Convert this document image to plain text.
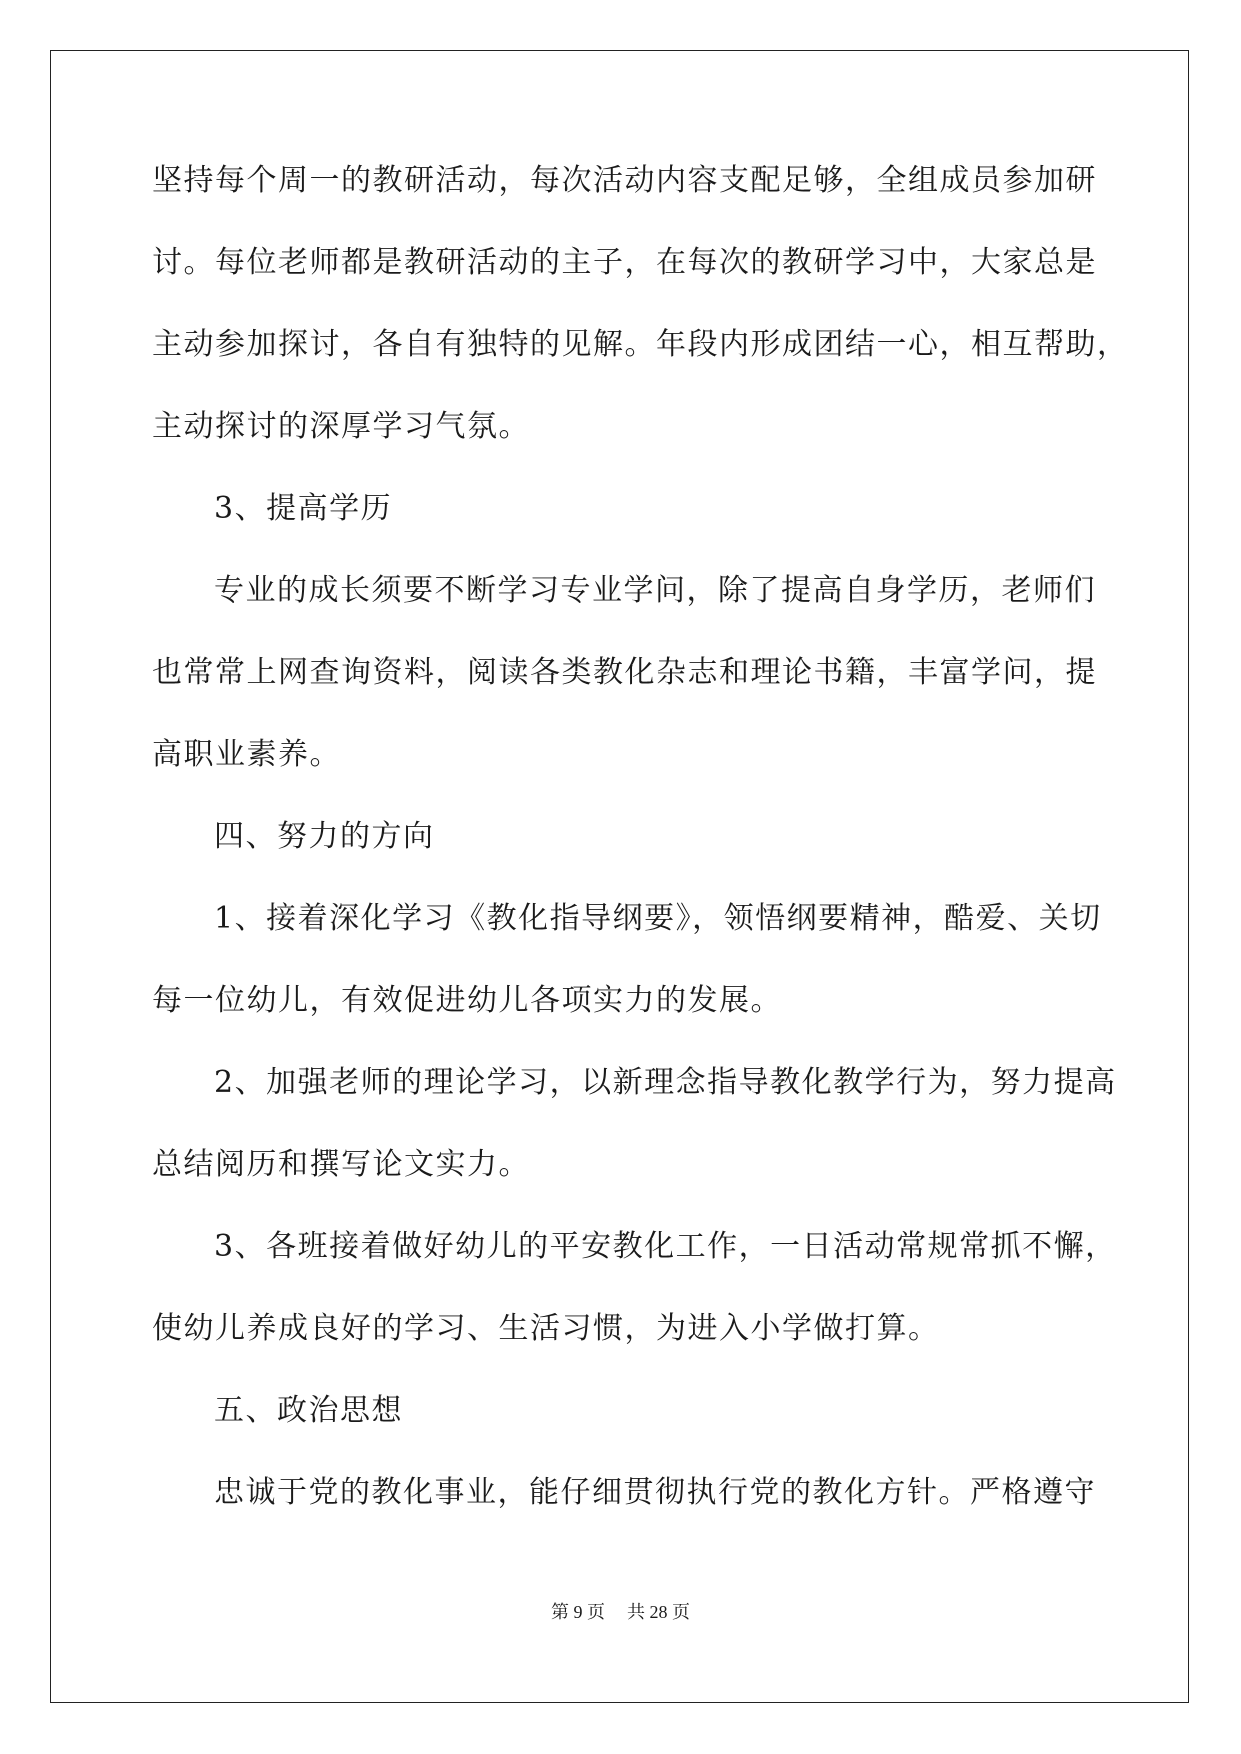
坚持每个周一的教研活动，每次活动内容支配足够，全组成员参加研
讨。每位老师都是教研活动的主子，在每次的教研学习中，大家总是
主动参加探讨，各自有独特的见解。年段内形成团结一心，相互帮助，
主动探讨的深厚学习气氛。
3、提高学历
专业的成长须要不断学习专业学问，除了提高自身学历，老师们
也常常上网查询资料，阅读各类教化杂志和理论书籍，丰富学问，提
高职业素养。
四、努力的方向
1、接着深化学习《教化指导纲要》，领悟纲要精神，酷爱、关切
每一位幼儿，有效促进幼儿各项实力的发展。
2、加强老师的理论学习，以新理念指导教化教学行为，努力提高
总结阅历和撰写论文实力。
3、各班接着做好幼儿的平安教化工作，一日活动常规常抓不懈，
使幼儿养成良好的学习、生活习惯，为进入小学做打算。
五、政治思想
忠诚于党的教化事业，能仔细贯彻执行党的教化方针。严格遵守
第 9 页 共 28 页
